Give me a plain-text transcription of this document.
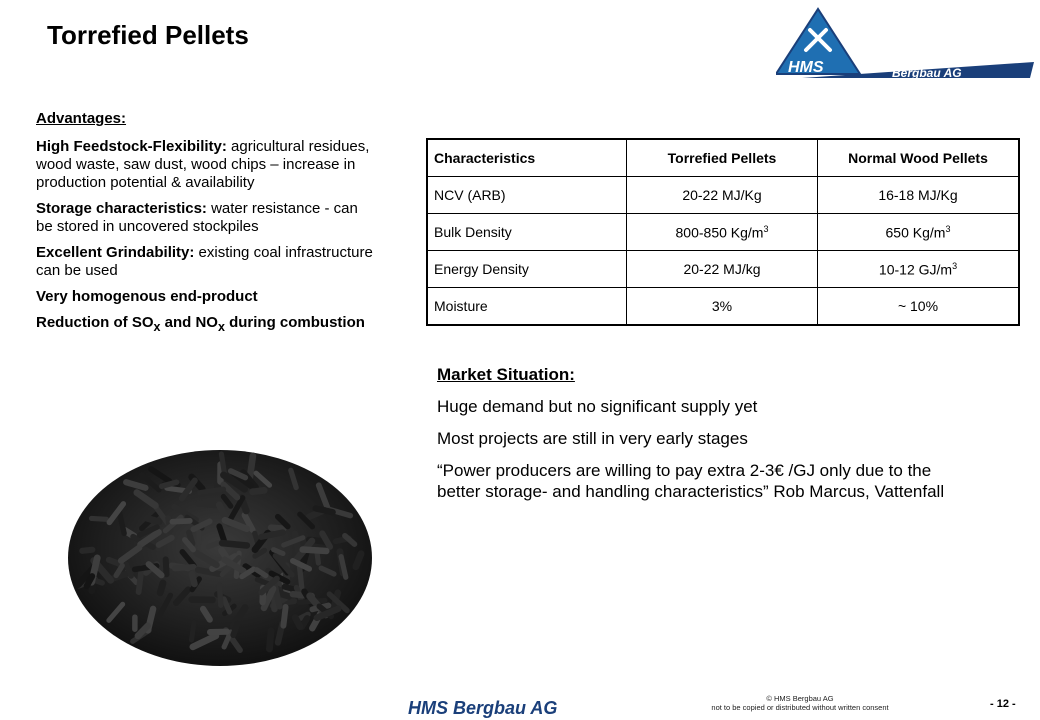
Torrefied Pellets
HMS	Bergbau AG

Advantages:

High Feedstock-Flexibility: agricultural residues, wood waste, saw dust, wood chips – increase in production potential & availability

Storage characteristics: water resistance - can be stored in uncovered stockpiles

Excellent Grindability: existing coal infrastructure can be used

Very homogenous end-product

Reduction of $SO_x$ and $NO_x$ during combustion

Characteristics	Torrefied Pellets	Normal Wood Pellets
NCV (ARB)	20-22 MJ/Kg	16-18 MJ/Kg
Bulk Density	800-850 $Kg/m^3$	650 $Kg/m^3$
Energy Density	20-22 MJ/kg	10-12 $GJ/m^3$
Moisture	3%	~ 10%

Market Situation:

Huge demand but no significant supply yet

Most projects are still in very early stages

“Power producers are willing to pay extra 2-3€ /GJ only due to the better storage- and handling characteristics” Rob Marcus, Vattenfall

HMS Bergbau AG	© HMS Bergbau AG
not to be copied or distributed without written consent	- 12 -
